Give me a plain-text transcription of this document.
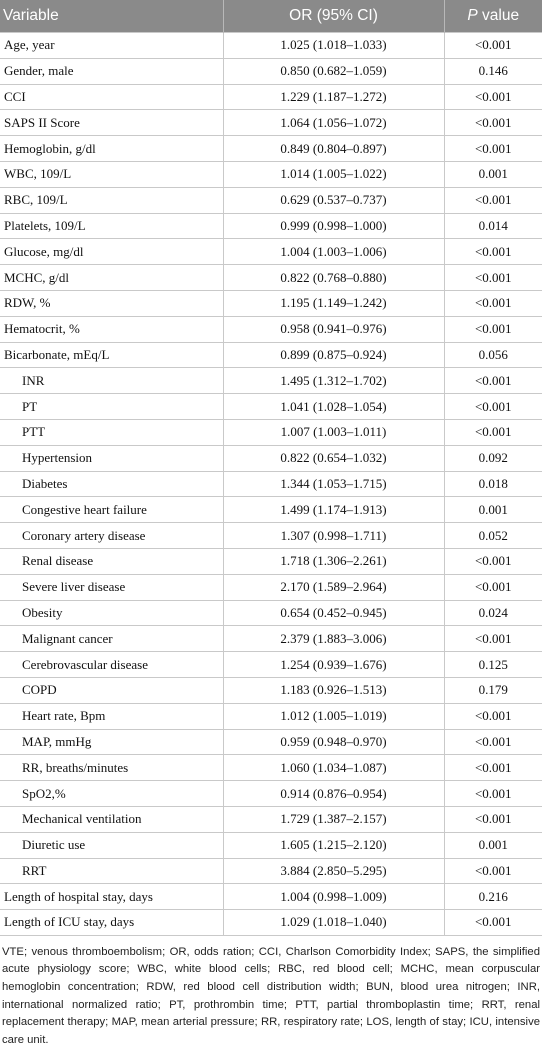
Variable	OR (95% CI)	P value
Age, year	1.025 (1.018–1.033)	<0.001
Gender, male	0.850 (0.682–1.059)	0.146
CCI	1.229 (1.187–1.272)	<0.001
SAPS II Score	1.064 (1.056–1.072)	<0.001
Hemoglobin, g/dl	0.849 (0.804–0.897)	<0.001
WBC, 109/L	1.014 (1.005–1.022)	0.001
RBC, 109/L	0.629 (0.537–0.737)	<0.001
Platelets, 109/L	0.999 (0.998–1.000)	0.014
Glucose, mg/dl	1.004 (1.003–1.006)	<0.001
MCHC, g/dl	0.822 (0.768–0.880)	<0.001
RDW, %	1.195 (1.149–1.242)	<0.001
Hematocrit, %	0.958 (0.941–0.976)	<0.001
Bicarbonate, mEq/L	0.899 (0.875–0.924)	0.056
INR	1.495 (1.312–1.702)	<0.001
PT	1.041 (1.028–1.054)	<0.001
PTT	1.007 (1.003–1.011)	<0.001
Hypertension	0.822 (0.654–1.032)	0.092
Diabetes	1.344 (1.053–1.715)	0.018
Congestive heart failure	1.499 (1.174–1.913)	0.001
Coronary artery disease	1.307 (0.998–1.711)	0.052
Renal disease	1.718 (1.306–2.261)	<0.001
Severe liver disease	2.170 (1.589–2.964)	<0.001
Obesity	0.654 (0.452–0.945)	0.024
Malignant cancer	2.379 (1.883–3.006)	<0.001
Cerebrovascular disease	1.254 (0.939–1.676)	0.125
COPD	1.183 (0.926–1.513)	0.179
Heart rate, Bpm	1.012 (1.005–1.019)	<0.001
MAP, mmHg	0.959 (0.948–0.970)	<0.001
RR, breaths/minutes	1.060 (1.034–1.087)	<0.001
SpO2,%	0.914 (0.876–0.954)	<0.001
Mechanical ventilation	1.729 (1.387–2.157)	<0.001
Diuretic use	1.605 (1.215–2.120)	0.001
RRT	3.884 (2.850–5.295)	<0.001
Length of hospital stay, days	1.004 (0.998–1.009)	0.216
Length of ICU stay, days	1.029 (1.018–1.040)	<0.001

VTE; venous thromboembolism; OR, odds ration; CCI, Charlson Comorbidity Index; SAPS, the simplified acute physiology score; WBC, white blood cells; RBC, red blood cell; MCHC, mean corpuscular hemoglobin concentration; RDW, red blood cell distribution width; BUN, blood urea nitrogen; INR, international normalized ratio; PT, prothrombin time; PTT, partial thromboplastin time; RRT, renal replacement therapy; MAP, mean arterial pressure; RR, respiratory rate; LOS, length of stay; ICU, intensive care unit.
